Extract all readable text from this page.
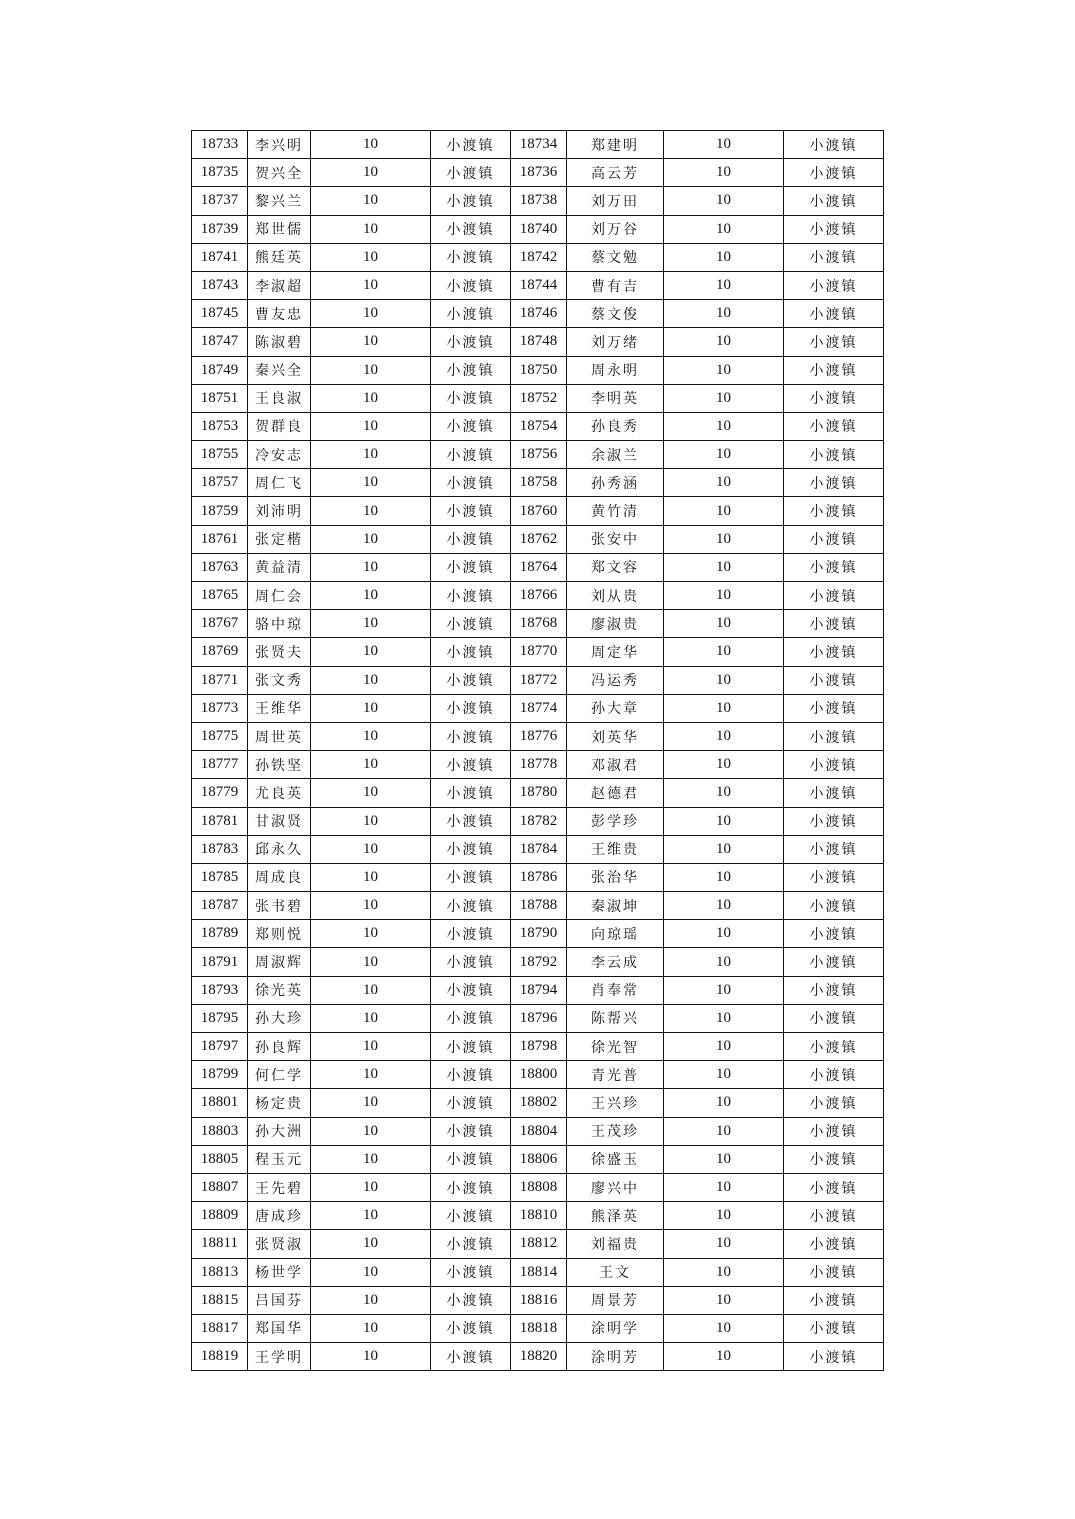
18733	李兴明	10	小渡镇	18734	郑建明	10	小渡镇
18735	贺兴全	10	小渡镇	18736	高云芳	10	小渡镇
18737	黎兴兰	10	小渡镇	18738	刘万田	10	小渡镇
18739	郑世儒	10	小渡镇	18740	刘万谷	10	小渡镇
18741	熊廷英	10	小渡镇	18742	蔡文勉	10	小渡镇
18743	李淑超	10	小渡镇	18744	曹有吉	10	小渡镇
18745	曹友忠	10	小渡镇	18746	蔡文俊	10	小渡镇
18747	陈淑碧	10	小渡镇	18748	刘万绪	10	小渡镇
18749	秦兴全	10	小渡镇	18750	周永明	10	小渡镇
18751	王良淑	10	小渡镇	18752	李明英	10	小渡镇
18753	贺群良	10	小渡镇	18754	孙良秀	10	小渡镇
18755	冷安志	10	小渡镇	18756	余淑兰	10	小渡镇
18757	周仁飞	10	小渡镇	18758	孙秀涵	10	小渡镇
18759	刘沛明	10	小渡镇	18760	黄竹清	10	小渡镇
18761	张定楷	10	小渡镇	18762	张安中	10	小渡镇
18763	黄益清	10	小渡镇	18764	郑文容	10	小渡镇
18765	周仁会	10	小渡镇	18766	刘从贵	10	小渡镇
18767	骆中琼	10	小渡镇	18768	廖淑贵	10	小渡镇
18769	张贤夫	10	小渡镇	18770	周定华	10	小渡镇
18771	张文秀	10	小渡镇	18772	冯运秀	10	小渡镇
18773	王维华	10	小渡镇	18774	孙大章	10	小渡镇
18775	周世英	10	小渡镇	18776	刘英华	10	小渡镇
18777	孙铁坚	10	小渡镇	18778	邓淑君	10	小渡镇
18779	尤良英	10	小渡镇	18780	赵德君	10	小渡镇
18781	甘淑贤	10	小渡镇	18782	彭学珍	10	小渡镇
18783	邱永久	10	小渡镇	18784	王维贵	10	小渡镇
18785	周成良	10	小渡镇	18786	张治华	10	小渡镇
18787	张书碧	10	小渡镇	18788	秦淑坤	10	小渡镇
18789	郑则悦	10	小渡镇	18790	向琼瑶	10	小渡镇
18791	周淑辉	10	小渡镇	18792	李云成	10	小渡镇
18793	徐光英	10	小渡镇	18794	肖奉常	10	小渡镇
18795	孙大珍	10	小渡镇	18796	陈帮兴	10	小渡镇
18797	孙良辉	10	小渡镇	18798	徐光智	10	小渡镇
18799	何仁学	10	小渡镇	18800	青光普	10	小渡镇
18801	杨定贵	10	小渡镇	18802	王兴珍	10	小渡镇
18803	孙大洲	10	小渡镇	18804	王茂珍	10	小渡镇
18805	程玉元	10	小渡镇	18806	徐盛玉	10	小渡镇
18807	王先碧	10	小渡镇	18808	廖兴中	10	小渡镇
18809	唐成珍	10	小渡镇	18810	熊泽英	10	小渡镇
18811	张贤淑	10	小渡镇	18812	刘福贵	10	小渡镇
18813	杨世学	10	小渡镇	18814	王文	10	小渡镇
18815	吕国芬	10	小渡镇	18816	周景芳	10	小渡镇
18817	郑国华	10	小渡镇	18818	涂明学	10	小渡镇
18819	王学明	10	小渡镇	18820	涂明芳	10	小渡镇
